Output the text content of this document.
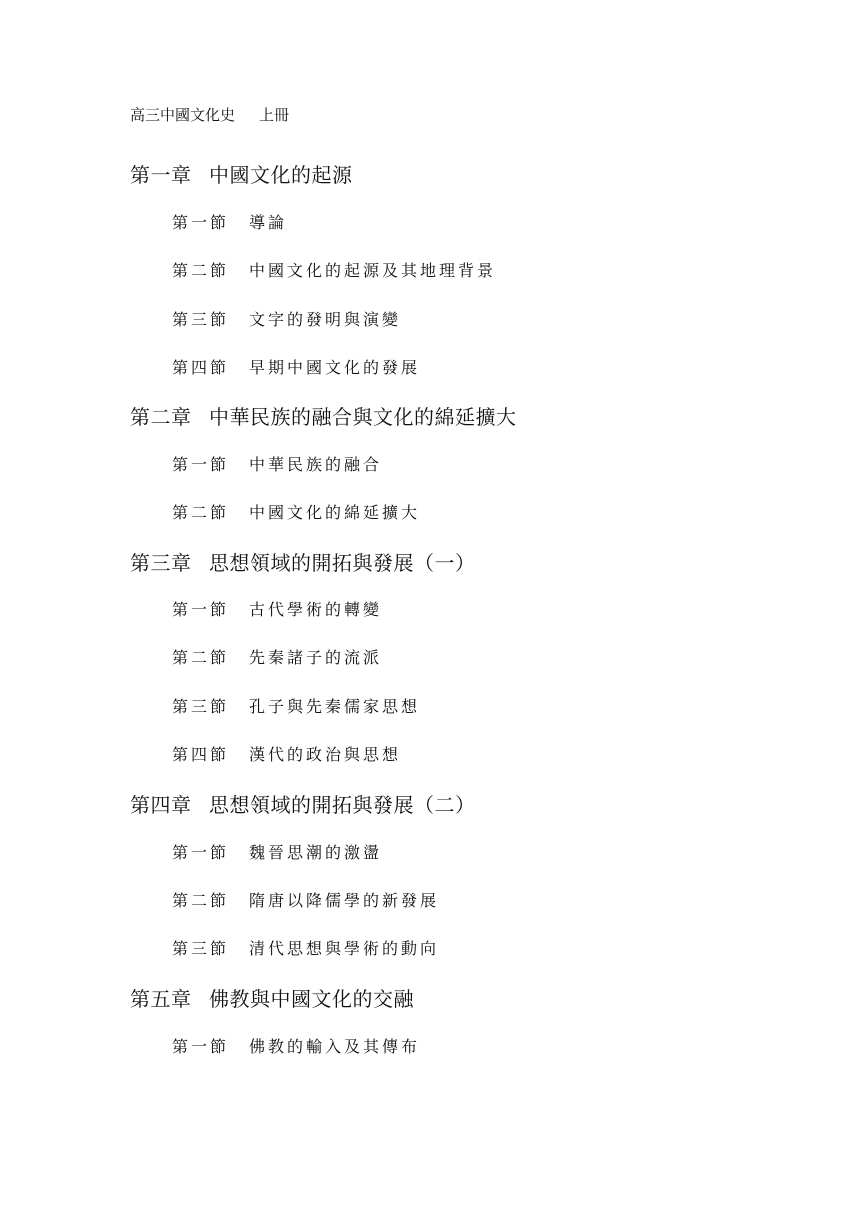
高三中國文化史 上冊
第一章 中國文化的起源
第一節 導論
第二節 中國文化的起源及其地理背景
第三節 文字的發明與演變
第四節 早期中國文化的發展
第二章 中華民族的融合與文化的綿延擴大
第一節 中華民族的融合
第二節 中國文化的綿延擴大
第三章 思想領域的開拓與發展（一）
第一節 古代學術的轉變
第二節 先秦諸子的流派
第三節 孔子與先秦儒家思想
第四節 漢代的政治與思想
第四章 思想領域的開拓與發展（二）
第一節 魏晉思潮的激盪
第二節 隋唐以降儒學的新發展
第三節 清代思想與學術的動向
第五章 佛教與中國文化的交融
第一節 佛教的輸入及其傳布
